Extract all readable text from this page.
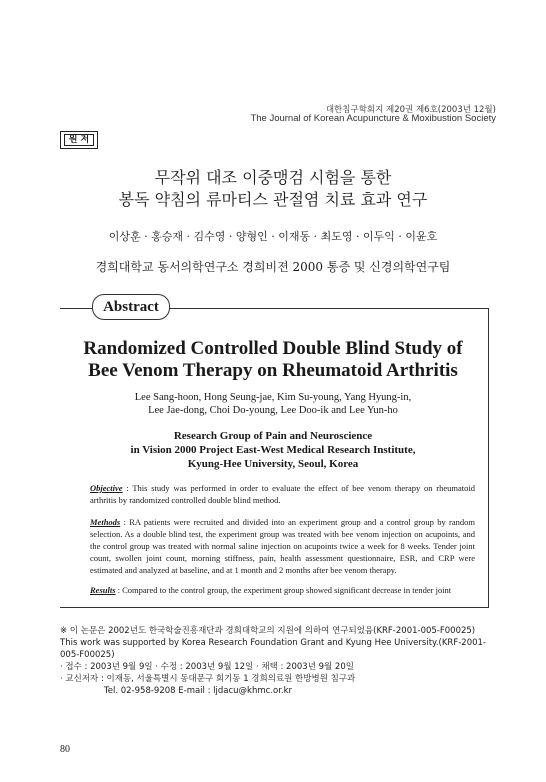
대한침구학회지 제20권 제6호(2003년 12월)
The Journal of Korean Acupuncture & Moxibustion Society
원 저
무작위 대조 이중맹검 시험을 통한
봉독 약침의 류마티스 관절염 치료 효과 연구
이상훈 · 홍승재 · 김수영 · 양형인 · 이재동 · 최도영 · 이두익 · 이윤호
경희대학교 동서의학연구소 경희비젼 2000 통증 및 신경의학연구팀
Abstract
Randomized Controlled Double Blind Study of
Bee Venom Therapy on Rheumatoid Arthritis
Lee Sang-hoon, Hong Seung-jae, Kim Su-young, Yang Hyung-in,
Lee Jae-dong, Choi Do-young, Lee Doo-ik and Lee Yun-ho
Research Group of Pain and Neuroscience
in Vision 2000 Project East-West Medical Research Institute,
Kyung-Hee University, Seoul, Korea
Objective : This study was performed in order to evaluate the effect of bee venom therapy on rheumatoid arthritis by randomized controlled double blind method.
Methods : RA patients were recruited and divided into an experiment group and a control group by random selection. As a double blind test, the experiment group was treated with bee venom injection on acupoints, and the control group was treated with normal saline injection on acupoints twice a week for 8 weeks. Tender joint count, swollen joint count, morning stiffness, pain, health assessment questionnaire, ESR, and CRP were estimated and analyzed at baseline, and at 1 month and 2 months after bee venom therapy.
Results : Compared to the control group, the experiment group showed significant decrease in tender joint
※ 이 논문은 2002년도 한국학술진흥재단과 경희대학교의 지원에 의하여 연구되었음(KRF-2001-005-F00025)
This work was supported by Korea Research Foundation Grant and Kyung Hee University.(KRF-2001-005-F00025)
· 접수 : 2003년 9월 9일 · 수정 : 2003년 9월 12일 · 채택 : 2003년 9월 20일
· 교신저자 : 이재동, 서울특별시 동대문구 회기동 1 경희의료원 한방병원 침구과
Tel. 02-958-9208 E-mail : ljdacu@khmc.or.kr
80
